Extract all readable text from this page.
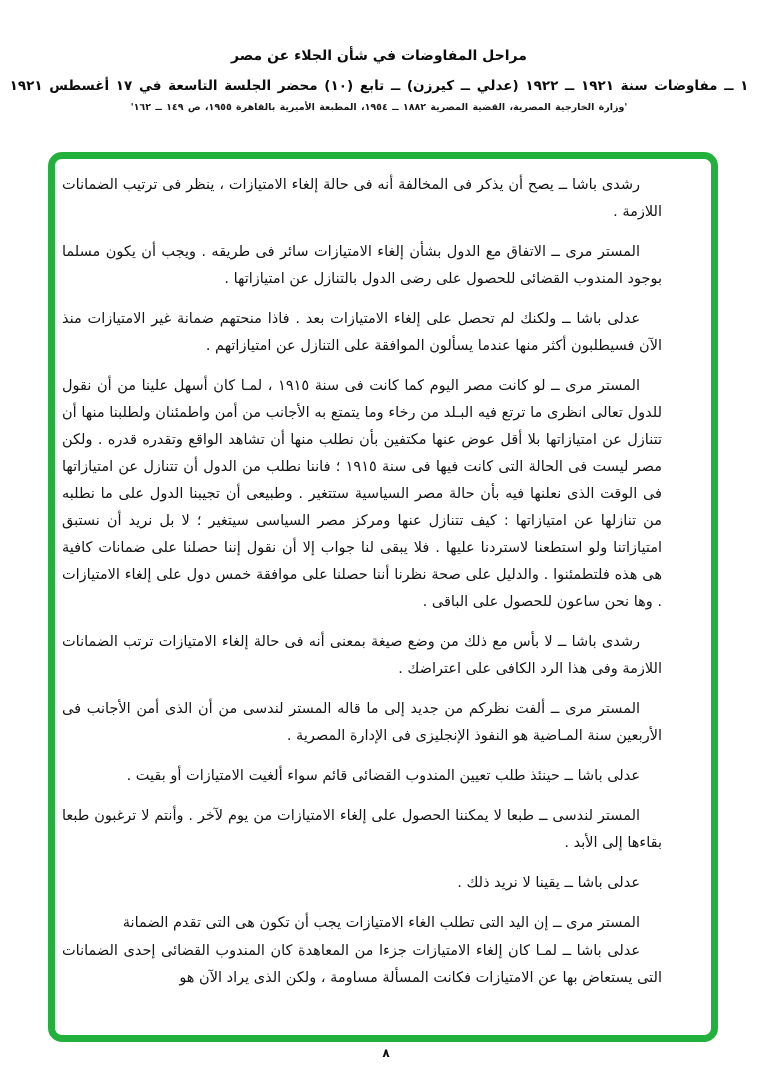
مراحل المفاوضات في شأن الجلاء عن مصر
١ ــ مفاوضات سنة ١٩٢١ ــ ١٩٢٢ (عدلي ــ كيرزن) ــ تابع (١٠) محضر الجلسة التاسعة في ١٧ أغسطس ١٩٢١
'وزارة الخارجية المصرية، القضية المصرية ١٨٨٢ ــ ١٩٥٤، المطبعة الأميرية بالقاهرة ١٩٥٥، ص ١٤٩ ــ ١٦٢'

رشدى باشا ــ يصح أن يذكر فى المخالفة أنه فى حالة إلغاء الامتيازات ، ينظر فى ترتيب الضمانات اللازمة .

المستر مرى ــ الاتفاق مع الدول بشأن إلغاء الامتيازات سائر فى طريقه . ويجب أن يكون مسلما بوجود المندوب القضائى للحصول على رضى الدول بالتنازل عن امتيازاتها .

عدلى باشا ــ ولكنك لم تحصل على إلغاء الامتيازات بعد . فاذا منحتهم ضمانة غير الامتيازات منذ الآن فسيطلبون أكثر منها عندما يسألون الموافقة على التنازل عن امتيازاتهم .

المستر مرى ــ لو كانت مصر اليوم كما كانت فى سنة ١٩١٥ ، لمـا كان أسهل علينا من أن نقول للدول تعالى انظرى ما ترتع فيه البـلد من رخاء وما يتمتع به الأجانب من أمن واطمئنان ولطلبنا منها أن تتنازل عن امتيازاتها بلا أقل عوض عنها مكتفين بأن نطلب منها أن تشاهد الواقع وتقدره قدره . ولكن مصر ليست فى الحالة التى كانت فيها فى سنة ١٩١٥ ؛ فاننا نطلب من الدول أن تتنازل عن امتيازاتها فى الوقت الذى نعلنها فيه بأن حالة مصر السياسية ستتغير . وطبيعى أن تجيبنا الدول على ما نطلبه من تنازلها عن امتيازاتها : كيف تتنازل عنها ومركز مصر السياسى سيتغير ؛ لا بل نريد أن نستبق امتيازاتنا ولو استطعنا لاستردنا عليها . فلا يبقى لنا جواب إلا أن نقول إننا حصلنا على ضمانات كافية هى هذه فلتطمئنوا . والدليل على صحة نظرنا أننا حصلنا على موافقة خمس دول على إلغاء الامتيازات . وها نحن ساعون للحصول على الباقى .

رشدى باشا ــ لا بأس مع ذلك من وضع صيغة بمعنى أنه فى حالة إلغاء الامتيازات ترتب الضمانات اللازمة وفى هذا الرد الكافى على اعتراضك .

المستر مرى ــ ألفت نظركم من جديد إلى ما قاله المستر لندسى من أن الذى أمن الأجانب فى الأربعين سنة المـاضية هو النفوذ الإنجليزى فى الإدارة المصرية .

عدلى باشا ــ حينئذ طلب تعيين المندوب القضائى قائم سواء ألغيت الامتيازات أو بقيت .

المستر لندسى ــ طبعا لا يمكننا الحصول على إلغاء الامتيازات من يوم لآخر . وأنتم لا ترغبون طبعا بقاءها إلى الأبد .

عدلى باشا ــ يقينا لا نريد ذلك .

المستر مرى ــ إن اليد التى تطلب الغاء الامتيازات يجب أن تكون هى التى تقدم الضمانة

عدلى باشا ــ لمـا كان إلغاء الامتيازات جزءا من المعاهدة كان المندوب القضائى إحدى الضمانات التى يستعاض بها عن الامتيازات فكانت المسألة مساومة ، ولكن الذى يراد الآن هو

٨
